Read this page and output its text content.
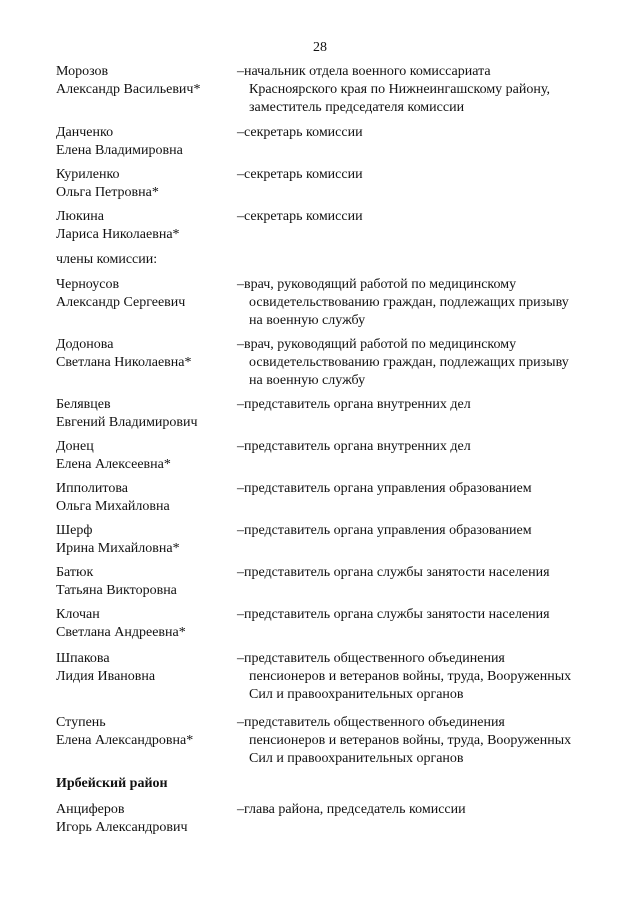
28
Морозов
Александр Васильевич*
– начальник отдела военного комиссариата
Красноярского края по Нижнеингашскому району,
заместитель председателя комиссии
Данченко
Елена Владимировна
– секретарь комиссии
Куриленко
Ольга Петровна*
– секретарь комиссии
Люкина
Лариса Николаевна*
– секретарь комиссии
члены комиссии:
Черноусов
Александр Сергеевич
– врач, руководящий работой по медицинскому
освидетельствованию граждан, подлежащих призыву
на военную службу
Додонова
Светлана Николаевна*
– врач, руководящий работой по медицинскому
освидетельствованию граждан, подлежащих призыву
на военную службу
Белявцев
Евгений Владимирович
– представитель органа внутренних дел
Донец
Елена Алексеевна*
– представитель органа внутренних дел
Ипполитова
Ольга Михайловна
– представитель органа управления образованием
Шерф
Ирина Михайловна*
– представитель органа управления образованием
Батюк
Татьяна Викторовна
– представитель органа службы занятости населения
Клочан
Светлана Андреевна*
– представитель органа службы занятости населения
Шпакова
Лидия Ивановна
– представитель общественного объединения
пенсионеров и ветеранов войны, труда, Вооруженных
Сил и правоохранительных органов
Ступень
Елена Александровна*
– представитель общественного объединения
пенсионеров и ветеранов войны, труда, Вооруженных
Сил и правоохранительных органов
Ирбейский район
Анциферов
Игорь Александрович
– глава района, председатель комиссии
